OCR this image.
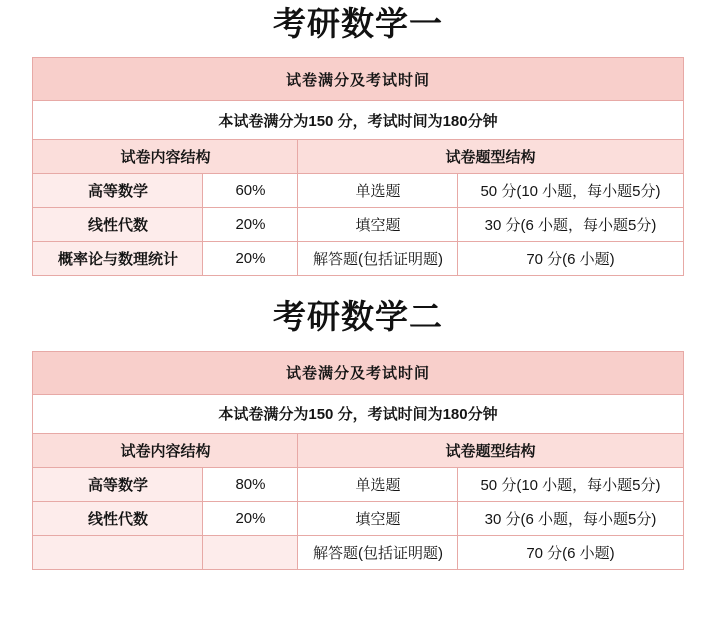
考研数学一
试卷满分及考试时间			
本试卷满分为150 分，考试时间为180分钟			
试卷内容结构		试卷题型结构	
高等数学	60%	单选题	50 分(10 小题，每小题5分)
线性代数	20%	填空题	30 分(6 小题，每小题5分)
概率论与数理统计	20%	解答题(包括证明题)	70 分(6 小题)
考研数学二
试卷满分及考试时间			
本试卷满分为150 分，考试时间为180分钟			
试卷内容结构		试卷题型结构	
高等数学	80%	单选题	50 分(10 小题，每小题5分)
线性代数	20%	填空题	30 分(6 小题，每小题5分)
		解答题(包括证明题)	70 分(6 小题)
